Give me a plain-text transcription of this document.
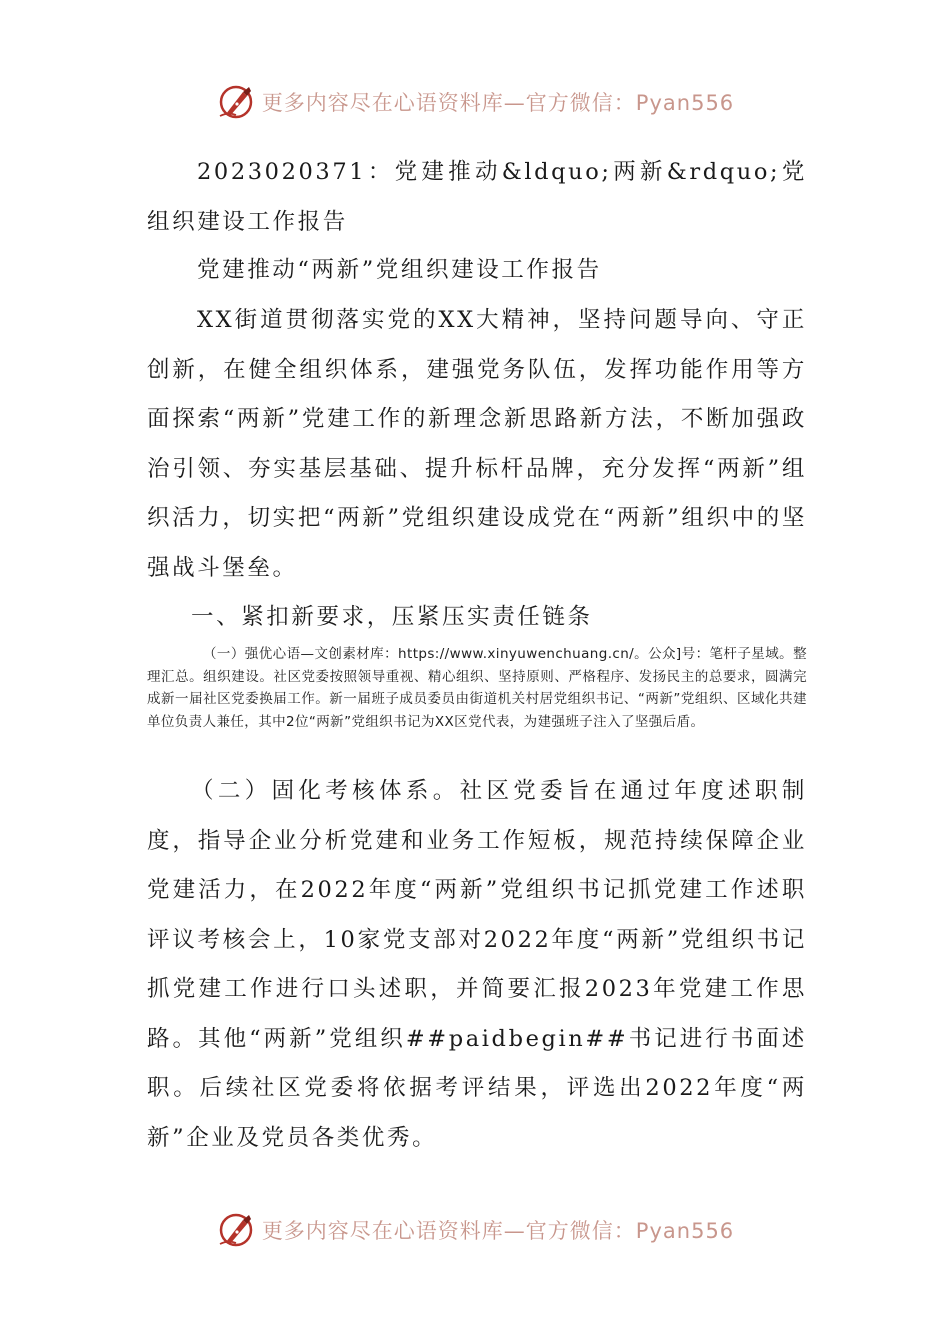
更多内容尽在心语资料库—官方微信：Pyan556

2023020371：党建推动&ldquo;两新&rdquo;党组织建设工作报告

党建推动“两新”党组织建设工作报告

XX街道贯彻落实党的XX大精神，坚持问题导向、守正创新，在健全组织体系，建强党务队伍，发挥功能作用等方面探索“两新”党建工作的新理念新思路新方法，不断加强政治引领、夯实基层基础、提升标杆品牌，充分发挥“两新”组织活力，切实把“两新”党组织建设成党在“两新”组织中的坚强战斗堡垒。

一、紧扣新要求，压紧压实责任链条

（一）强优心语—文创素材库：https://www.xinyuwenchuang.cn/。公众]号：笔杆子星域。整理汇总。组织建设。社区党委按照领导重视、精心组织、坚持原则、严格程序、发扬民主的总要求，圆满完成新一届社区党委换届工作。新一届班子成员委员由街道机关村居党组织书记、“两新”党组织、区域化共建单位负责人兼任，其中2位“两新”党组织书记为XX区党代表，为建强班子注入了坚强后盾。

（二）固化考核体系。社区党委旨在通过年度述职制度，指导企业分析党建和业务工作短板，规范持续保障企业党建活力，在2022年度“两新”党组织书记抓党建工作述职评议考核会上，10家党支部对2022年度“两新”党组织书记抓党建工作进行口头述职，并简要汇报2023年党建工作思路。其他“两新”党组织##paidbegin##书记进行书面述职。后续社区党委将依据考评结果，评选出2022年度“两新”企业及党员各类优秀。

更多内容尽在心语资料库—官方微信：Pyan556
